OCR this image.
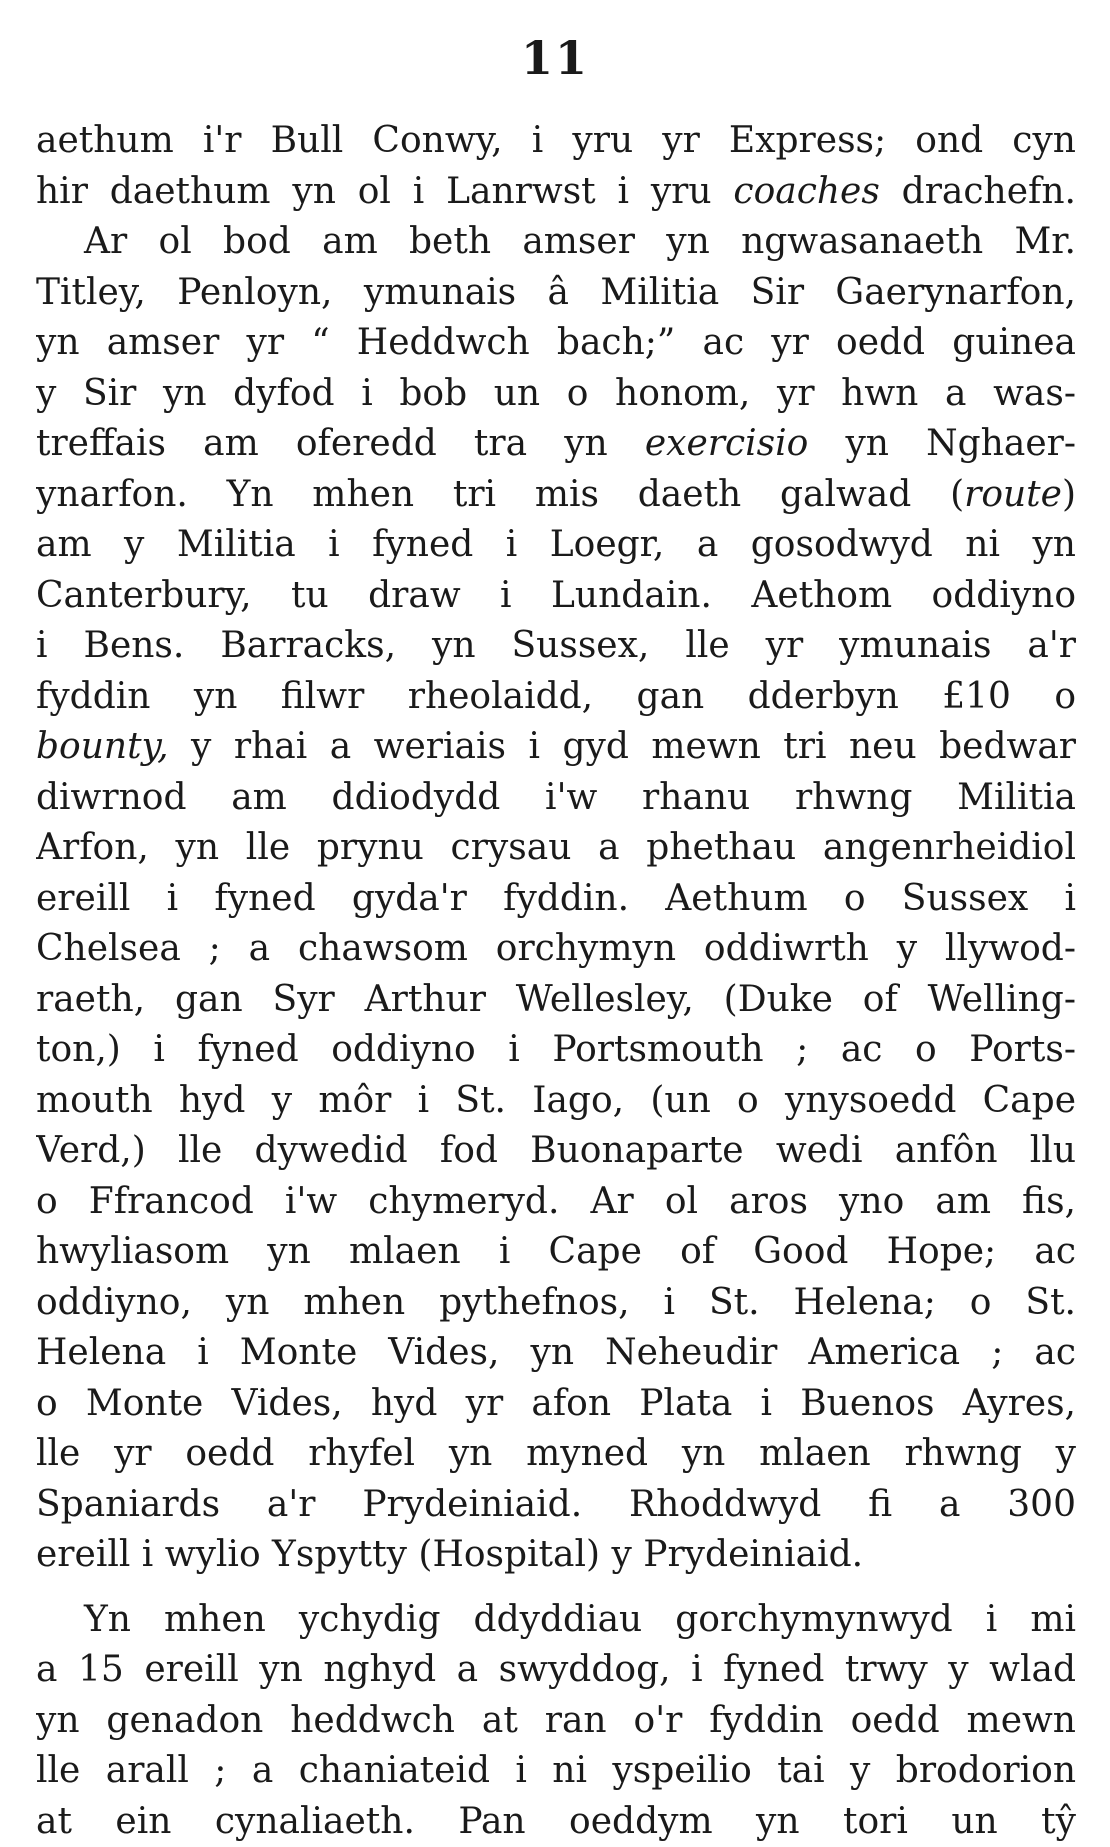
11
aethum i'r Bull Conwy, i yru yr Express; ond cyn
hir daethum yn ol i Lanrwst i yru coaches drachefn.
Ar ol bod am beth amser yn ngwasanaeth Mr.
Titley, Penloyn, ymunais â Militia Sir Gaerynarfon,
yn amser yr “ Heddwch bach;” ac yr oedd guinea
y Sir yn dyfod i bob un o honom, yr hwn a was-
treffais am oferedd tra yn exercisio yn Nghaer-
ynarfon. Yn mhen tri mis daeth galwad (route)
am y Militia i fyned i Loegr, a gosodwyd ni yn
Canterbury, tu draw i Lundain. Aethom oddiyno
i Bens. Barracks, yn Sussex, lle yr ymunais a'r
fyddin yn filwr rheolaidd, gan dderbyn £10 o
bounty, y rhai a weriais i gyd mewn tri neu bedwar
diwrnod am ddiodydd i'w rhanu rhwng Militia
Arfon, yn lle prynu crysau a phethau angenrheidiol
ereill i fyned gyda'r fyddin. Aethum o Sussex i
Chelsea ; a chawsom orchymyn oddiwrth y llywod-
raeth, gan Syr Arthur Wellesley, (Duke of Welling-
ton,) i fyned oddiyno i Portsmouth ; ac o Ports-
mouth hyd y môr i St. Iago, (un o ynysoedd Cape
Verd,) lle dywedid fod Buonaparte wedi anfôn llu
o Ffrancod i'w chymeryd. Ar ol aros yno am fis,
hwyliasom yn mlaen i Cape of Good Hope; ac
oddiyno, yn mhen pythefnos, i St. Helena; o St.
Helena i Monte Vides, yn Neheudir America ; ac
o Monte Vides, hyd yr afon Plata i Buenos Ayres,
lle yr oedd rhyfel yn myned yn mlaen rhwng y
Spaniards a'r Prydeiniaid. Rhoddwyd fi a 300
ereill i wylio Yspytty (Hospital) y Prydeiniaid.
Yn mhen ychydig ddyddiau gorchymynwyd i mi
a 15 ereill yn nghyd a swyddog, i fyned trwy y wlad
yn genadon heddwch at ran o'r fyddin oedd mewn
lle arall ; a chaniateid i ni yspeilio tai y brodorion
at ein cynaliaeth. Pan oeddym yn tori un tŷ
